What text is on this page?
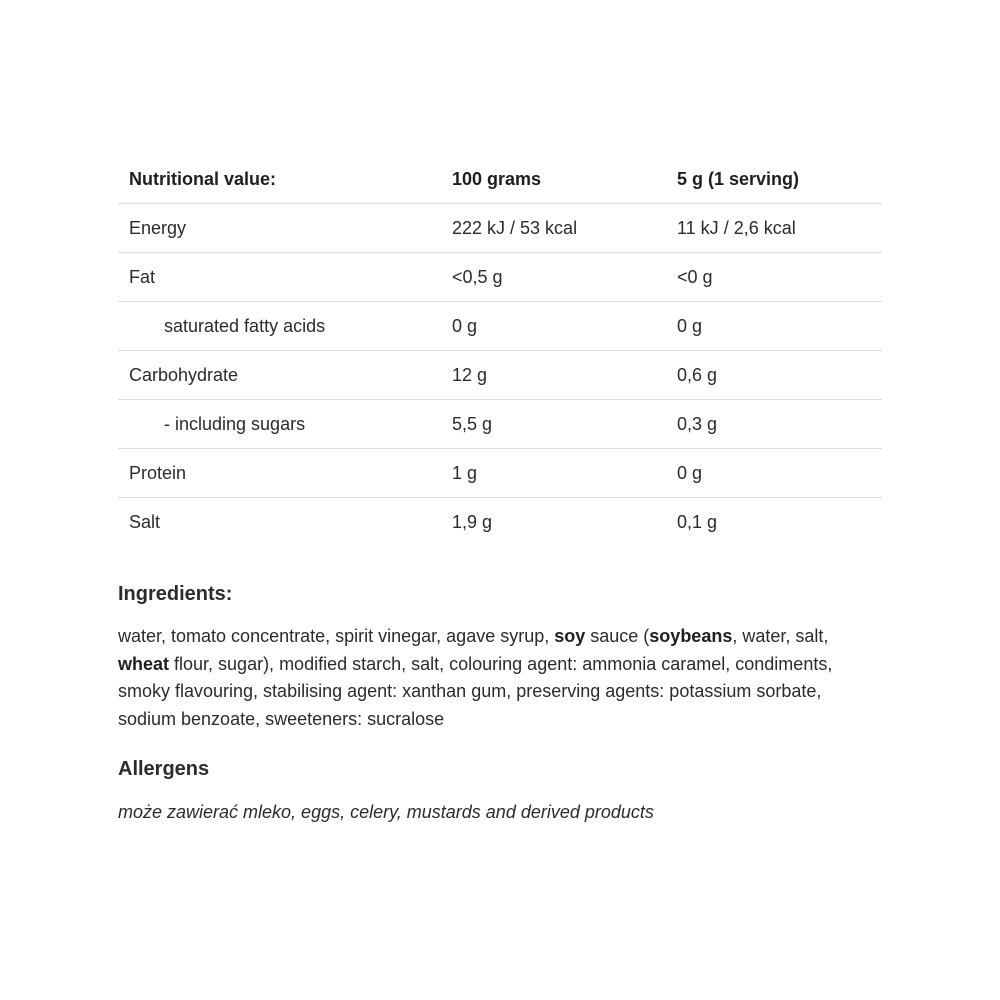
Nutritional value:	100 grams	5 g (1 serving)
Energy	222 kJ / 53 kcal	11 kJ / 2,6 kcal
Fat	<0,5 g	<0 g
saturated fatty acids	0 g	0 g
Carbohydrate	12 g	0,6 g
- including sugars	5,5 g	0,3 g
Protein	1 g	0 g
Salt	1,9 g	0,1 g
Ingredients:

water, tomato concentrate, spirit vinegar, agave syrup, soy sauce (soybeans, water, salt, wheat flour, sugar), modified starch, salt, colouring agent: ammonia caramel, condiments, smoky flavouring, stabilising agent: xanthan gum, preserving agents: potassium sorbate, sodium benzoate, sweeteners: sucralose

Allergens

może zawierać mleko, eggs, celery, mustards and derived products
